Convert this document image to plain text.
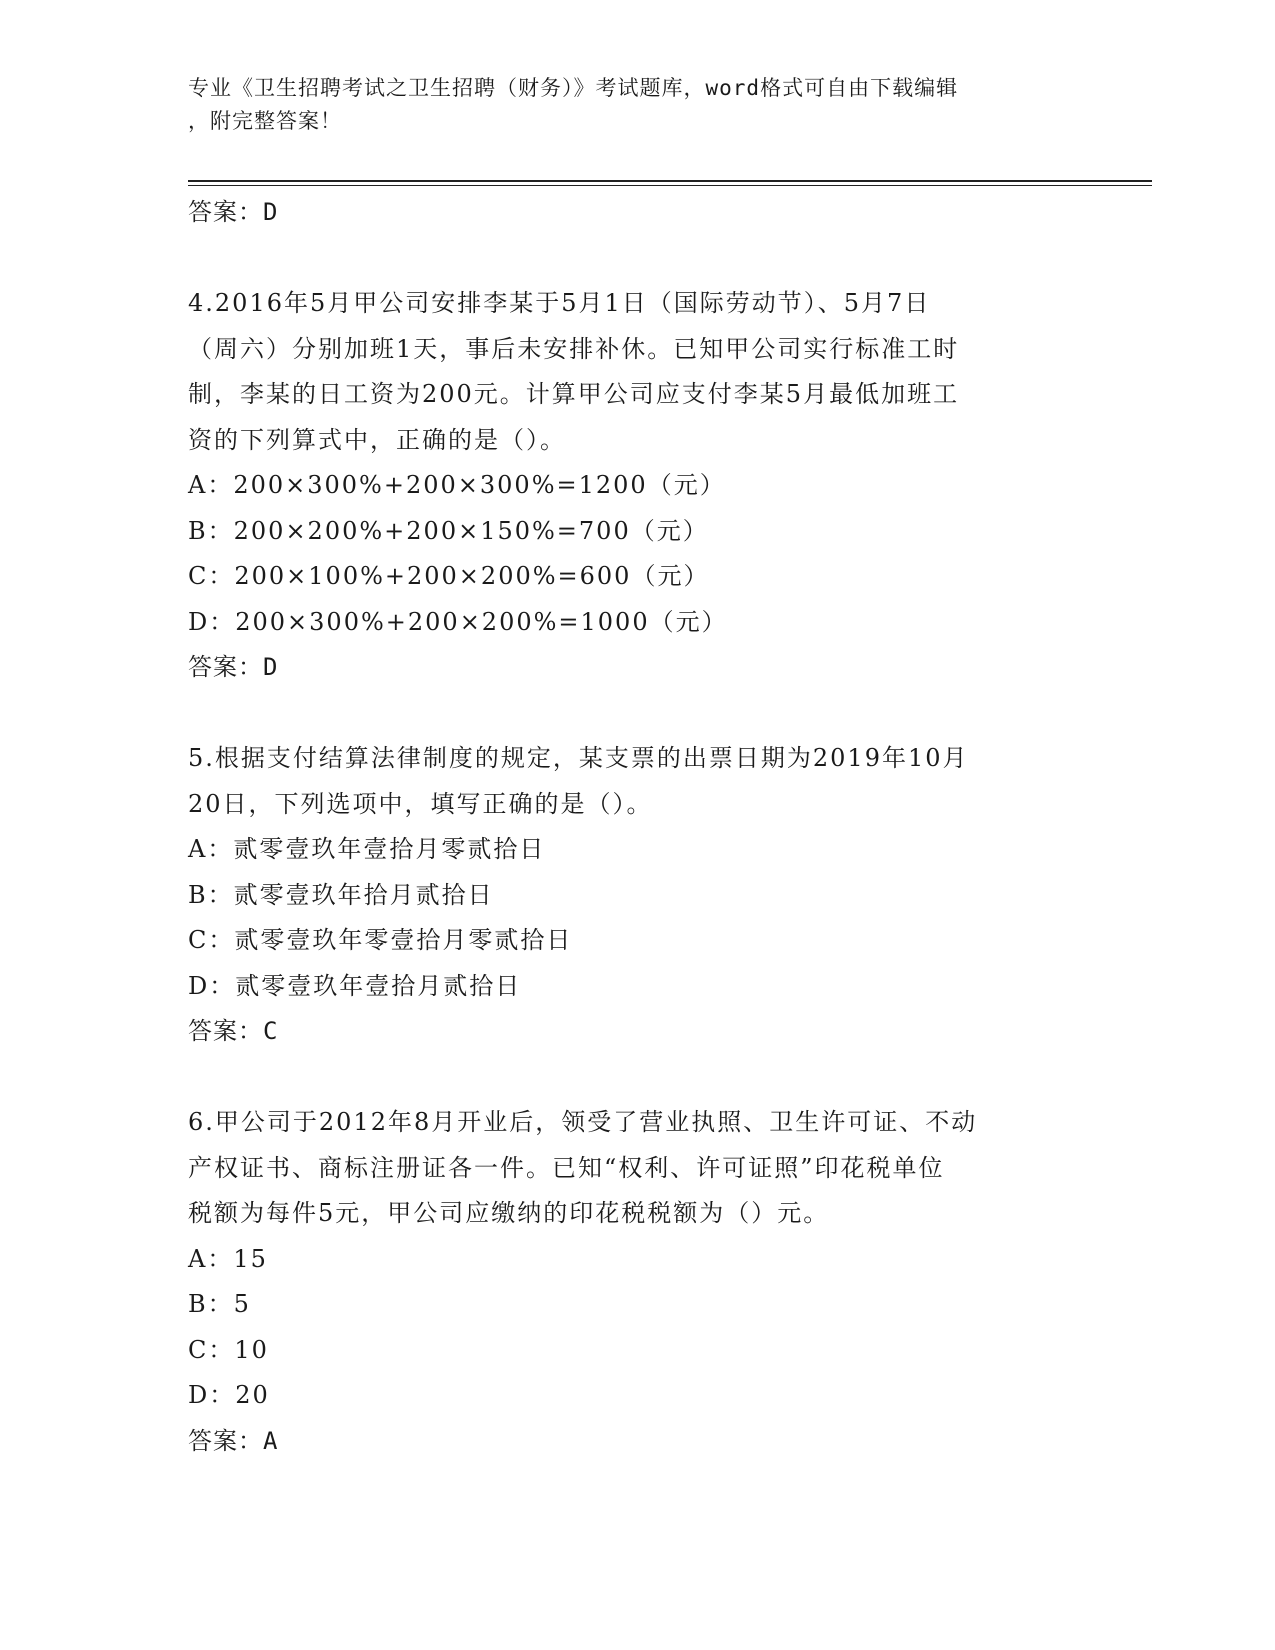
专业《卫生招聘考试之卫生招聘（财务）》考试题库，word格式可自由下载编辑
，附完整答案！
答案：D
4.2016年5月甲公司安排李某于5月1日（国际劳动节）、5月7日
（周六）分别加班1天，事后未安排补休。已知甲公司实行标准工时
制，李某的日工资为200元。计算甲公司应支付李某5月最低加班工
资的下列算式中，正确的是（）。
A：200×300%+200×300%=1200（元）
B：200×200%+200×150%=700（元）
C：200×100%+200×200%=600（元）
D：200×300%+200×200%=1000（元）
答案：D
5.根据支付结算法律制度的规定，某支票的出票日期为2019年10月
20日，下列选项中，填写正确的是（）。
A：贰零壹玖年壹拾月零贰拾日
B：贰零壹玖年拾月贰拾日
C：贰零壹玖年零壹拾月零贰拾日
D：贰零壹玖年壹拾月贰拾日
答案：C
6.甲公司于2012年8月开业后，领受了营业执照、卫生许可证、不动
产权证书、商标注册证各一件。已知“权利、许可证照”印花税单位
税额为每件5元，甲公司应缴纳的印花税税额为（）元。
A：15
B：5
C：10
D：20
答案：A
